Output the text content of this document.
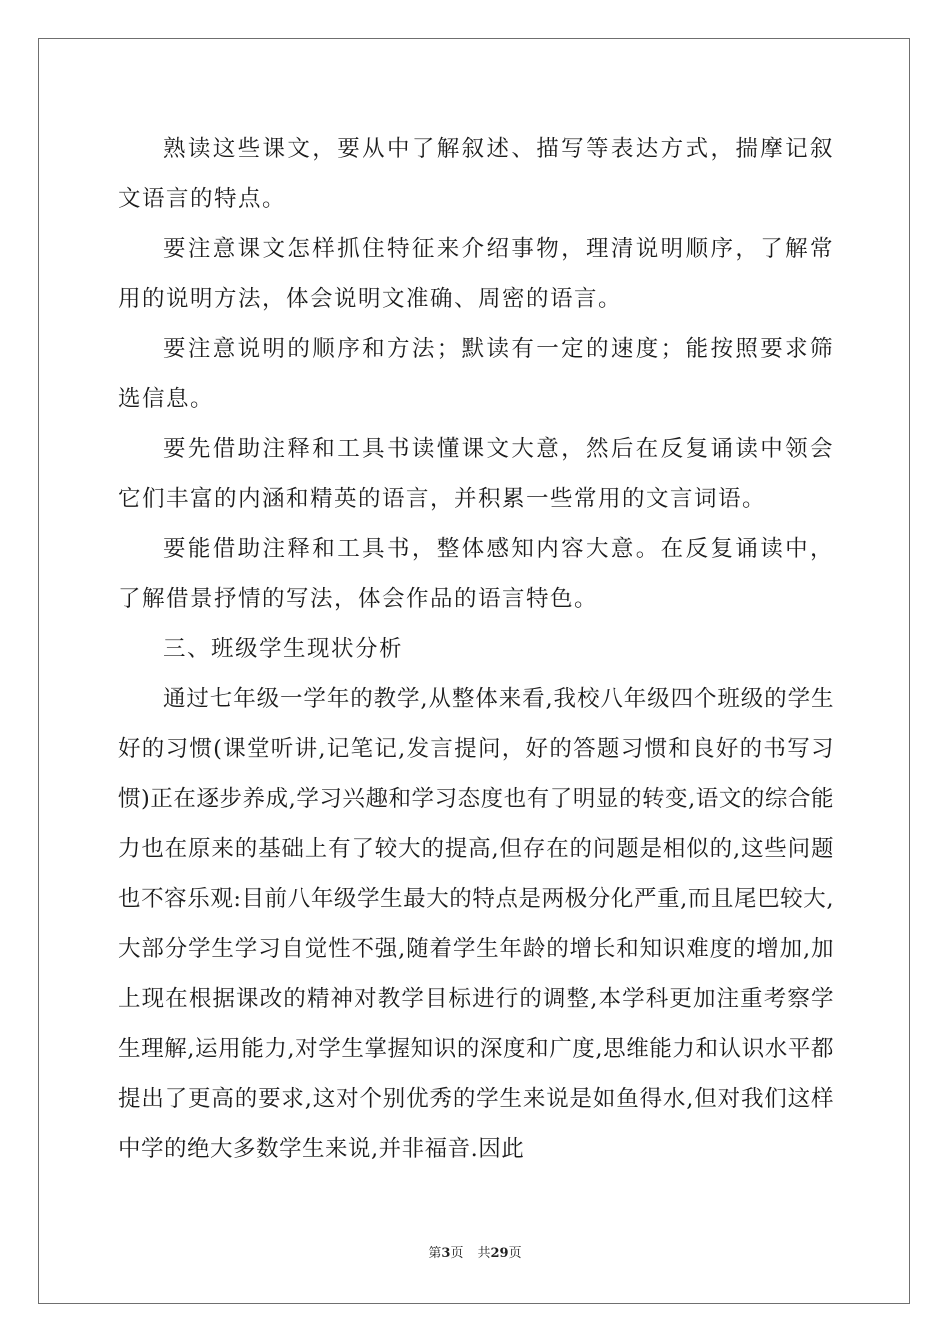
熟读这些课文，要从中了解叙述、描写等表达方式，揣摩记叙文语言的特点。

要注意课文怎样抓住特征来介绍事物，理清说明顺序，了解常用的说明方法，体会说明文准确、周密的语言。

要注意说明的顺序和方法；默读有一定的速度；能按照要求筛选信息。

要先借助注释和工具书读懂课文大意，然后在反复诵读中领会它们丰富的内涵和精英的语言，并积累一些常用的文言词语。

要能借助注释和工具书，整体感知内容大意。在反复诵读中，了解借景抒情的写法，体会作品的语言特色。

三、班级学生现状分析

通过七年级一学年的教学,从整体来看,我校八年级四个班级的学生好的习惯(课堂听讲,记笔记,发言提问，好的答题习惯和良好的书写习惯)正在逐步养成,学习兴趣和学习态度也有了明显的转变,语文的综合能力也在原来的基础上有了较大的提高,但存在的问题是相似的,这些问题也不容乐观:目前八年级学生最大的特点是两极分化严重,而且尾巴较大,大部分学生学习自觉性不强,随着学生年龄的增长和知识难度的增加,加上现在根据课改的精神对教学目标进行的调整,本学科更加注重考察学生理解,运用能力,对学生掌握知识的深度和广度,思维能力和认识水平都提出了更高的要求,这对个别优秀的学生来说是如鱼得水,但对我们这样中学的绝大多数学生来说,并非福音.因此

第3页 共29页
